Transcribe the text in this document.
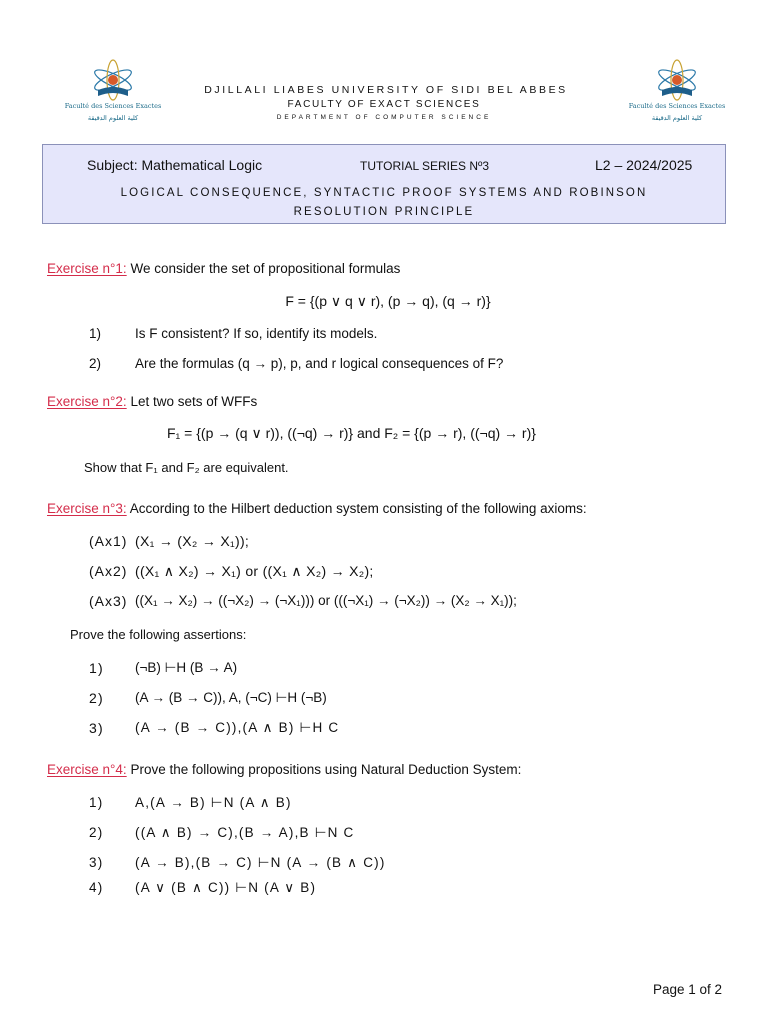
Faculté des Sciences Exactes
كلية العلوم الدقيقة
Faculté des Sciences Exactes
كلية العلوم الدقيقة
DJILLALI LIABES UNIVERSITY OF SIDI BEL ABBES
FACULTY OF EXACT SCIENCES
DEPARTMENT OF COMPUTER SCIENCE
Subject: Mathematical Logic	TUTORIAL SERIES Nº3	L2 – 2024/2025
LOGICAL CONSEQUENCE, SYNTACTIC PROOF SYSTEMS AND ROBINSON
RESOLUTION PRINCIPLE
Exercise n°1: We consider the set of propositional formulas
F = {(p ∨ q ∨ r), (p → q), (q → r)}
1)	Is F consistent? If so, identify its models.
2)	Are the formulas (q → p), p, and r logical consequences of F?
Exercise n°2: Let two sets of WFFs
F₁ = {(p → (q ∨ r)), ((¬q) → r)} and F₂ = {(p → r), ((¬q) → r)}
Show that F₁ and F₂ are equivalent.
Exercise n°3: According to the Hilbert deduction system consisting of the following axioms:
(Ax1) (X₁ → (X₂ → X₁));
(Ax2) ((X₁ ∧ X₂) → X₁) or ((X₁ ∧ X₂) → X₂);
(Ax3) ((X₁ → X₂) → ((¬X₂) → (¬X₁))) or (((¬X₁) → (¬X₂)) → (X₂ → X₁));
Prove the following assertions:
1) (¬B) ⊢H (B → A)
2) (A → (B → C)), A, (¬C) ⊢H (¬B)
3) (A → (B → C)),(A ∧ B) ⊢H C
Exercise n°4: Prove the following propositions using Natural Deduction System:
1) A,(A → B) ⊢N (A ∧ B)
2) ((A ∧ B) → C),(B → A),B ⊢N C
3) (A → B),(B → C) ⊢N (A → (B ∧ C))
4) (A ∨ (B ∧ C)) ⊢N (A ∨ B)
Page 1 of 2
